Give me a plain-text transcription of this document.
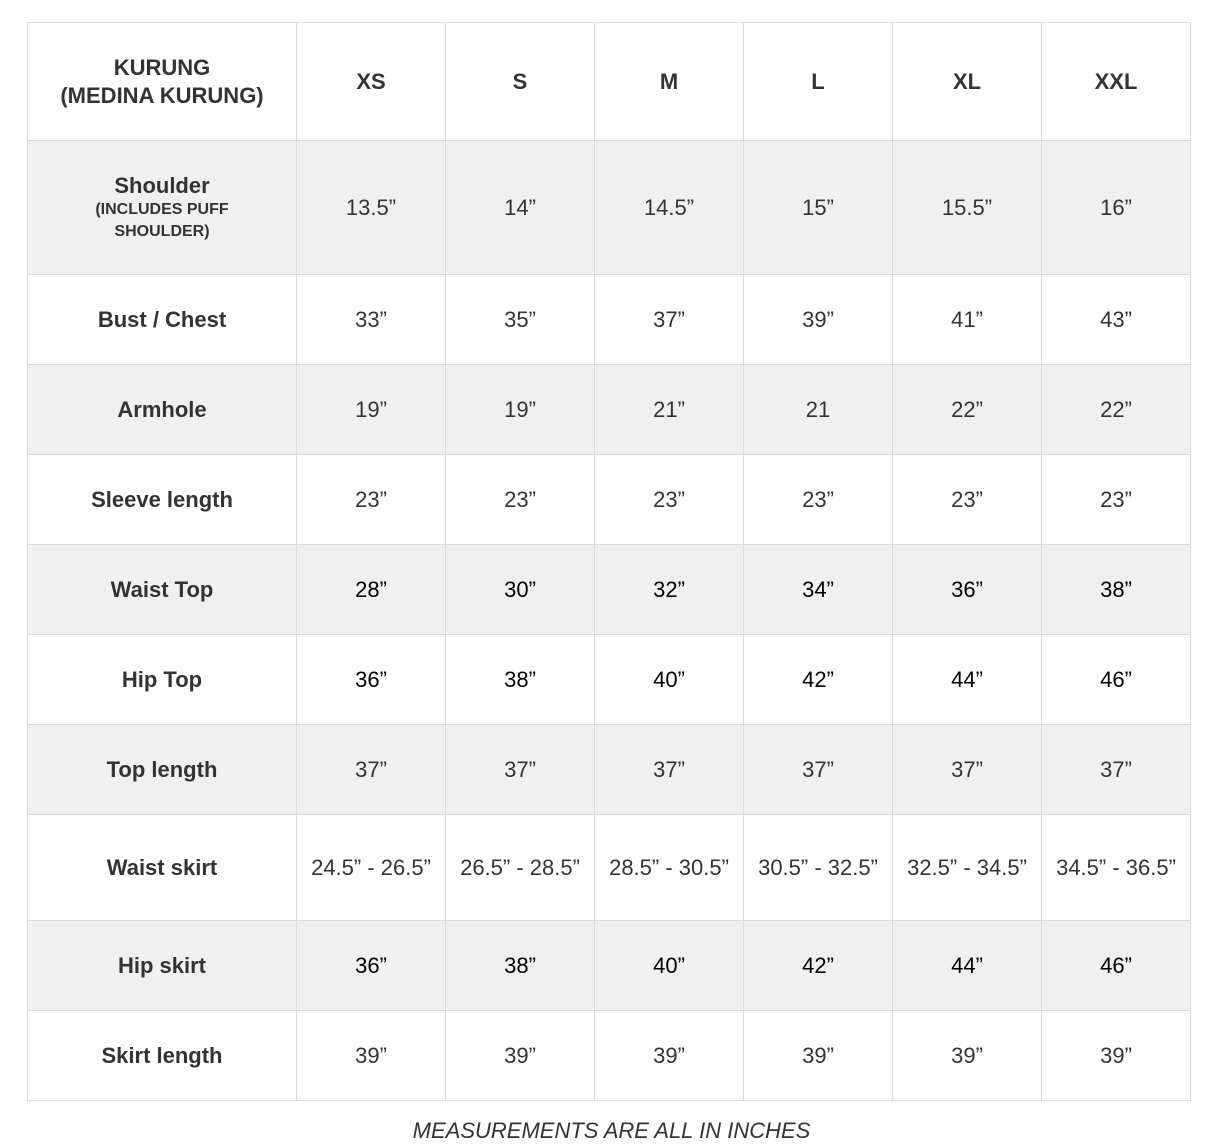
KURUNG
(MEDINA KURUNG)	XS	S	M	L	XL	XXL

Shoulder
(INCLUDES PUFF
SHOULDER)	13.5”	14”	14.5”	15”	15.5”	16”
Bust / Chest	33”	35”	37”	39”	41”	43”
Armhole	19”	19”	21”	21	22”	22”
Sleeve length	23”	23”	23”	23”	23”	23”
Waist Top	28”	30”	32”	34”	36”	38”
Hip Top	36”	38”	40”	42”	44”	46”
Top length	37”	37”	37”	37”	37”	37”
Waist skirt	24.5” - 26.5”	26.5” - 28.5”	28.5” - 30.5”	30.5” - 32.5”	32.5” - 34.5”	34.5” - 36.5”
Hip skirt	36”	38”	40”	42”	44”	46”
Skirt length	39”	39”	39”	39”	39”	39”
MEASUREMENTS ARE ALL IN INCHES
